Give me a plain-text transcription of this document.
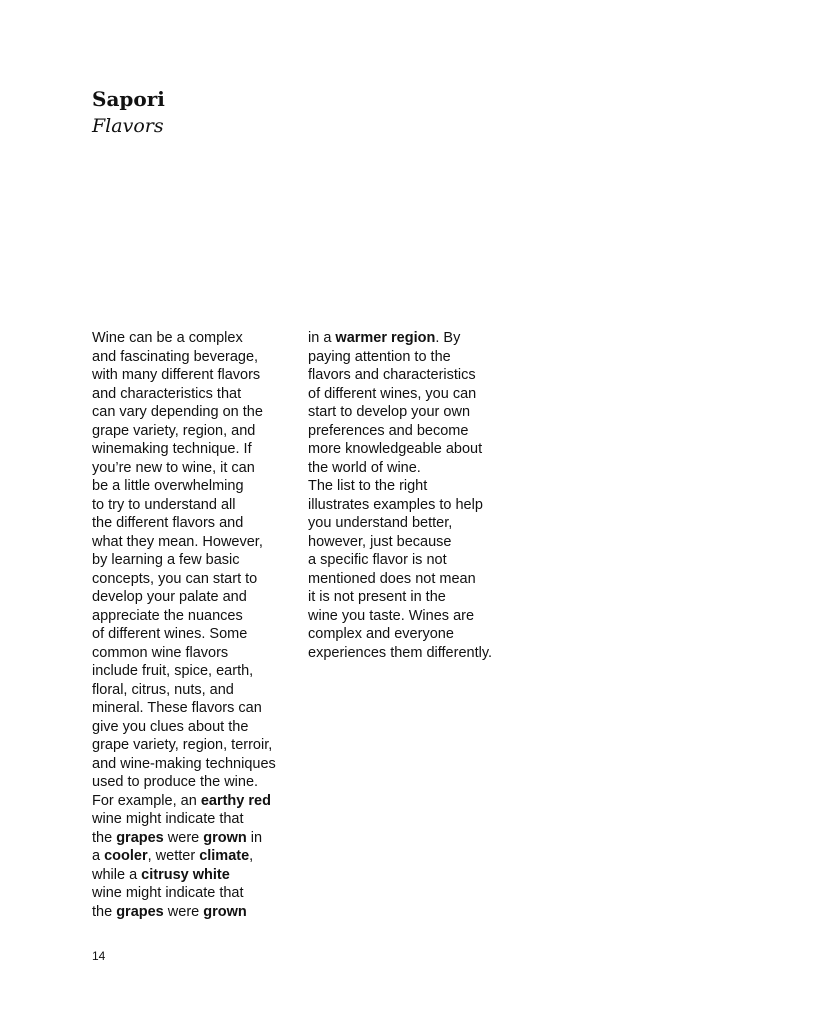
Sapori
Flavors
Wine can be a complex
and fascinating beverage,
with many different flavors
and characteristics that
can vary depending on the
grape variety, region, and
winemaking technique. If
you’re new to wine, it can
be a little overwhelming
to try to understand all
the different flavors and
what they mean. However,
by learning a few basic
concepts, you can start to
develop your palate and
appreciate the nuances
of different wines. Some
common wine flavors
include fruit, spice, earth,
floral, citrus, nuts, and
mineral. These flavors can
give you clues about the
grape variety, region, terroir,
and wine-making techniques
used to produce the wine.
For example, an earthy red
wine might indicate that
the grapes were grown in
a cooler, wetter climate,
while a citrusy white
wine might indicate that
the grapes were grown
in a warmer region. By
paying attention to the
flavors and characteristics
of different wines, you can
start to develop your own
preferences and become
more knowledgeable about
the world of wine.
The list to the right
illustrates examples to help
you understand better,
however, just because
a specific flavor is not
mentioned does not mean
it is not present in the
wine you taste. Wines are
complex and everyone
experiences them differently.
14
